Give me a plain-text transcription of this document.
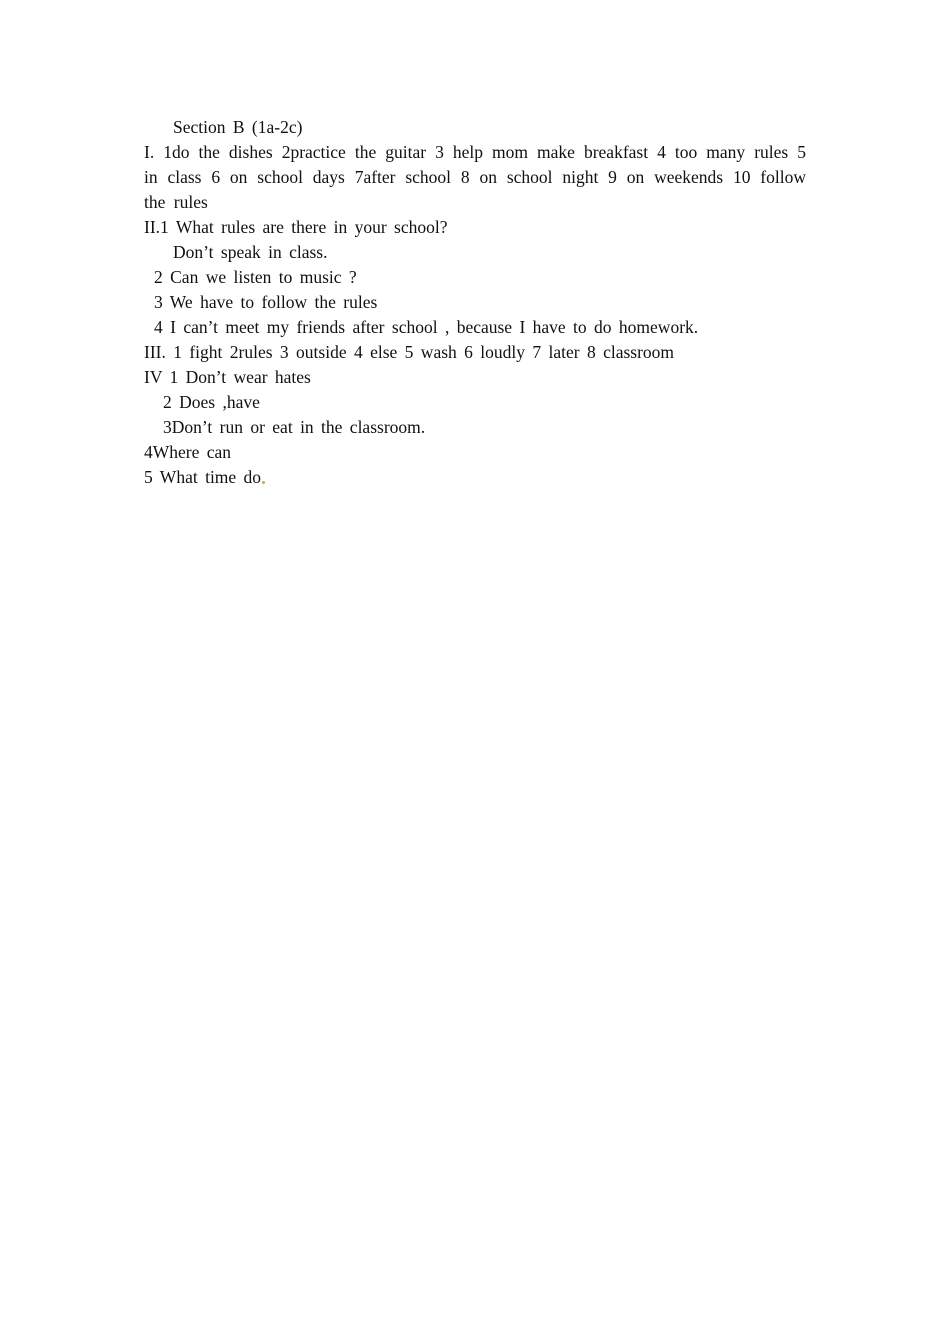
Section B (1a-2c)
I. 1do the dishes 2practice the guitar 3 help mom make breakfast 4 too many rules 5 in class 6 on school days 7after school 8 on school night 9 on weekends 10 follow the rules
II.1 What rules are there in your school?
Don’t speak in class.
2 Can we listen to music ?
3 We have to follow the rules
4 I can’t meet my friends after school , because I have to do homework.
III. 1 fight 2rules 3 outside 4 else 5 wash 6 loudly 7 later 8 classroom
IV 1 Don’t wear hates
2 Does ,have
3Don’t run or eat in the classroom.
4Where can
5 What time do
